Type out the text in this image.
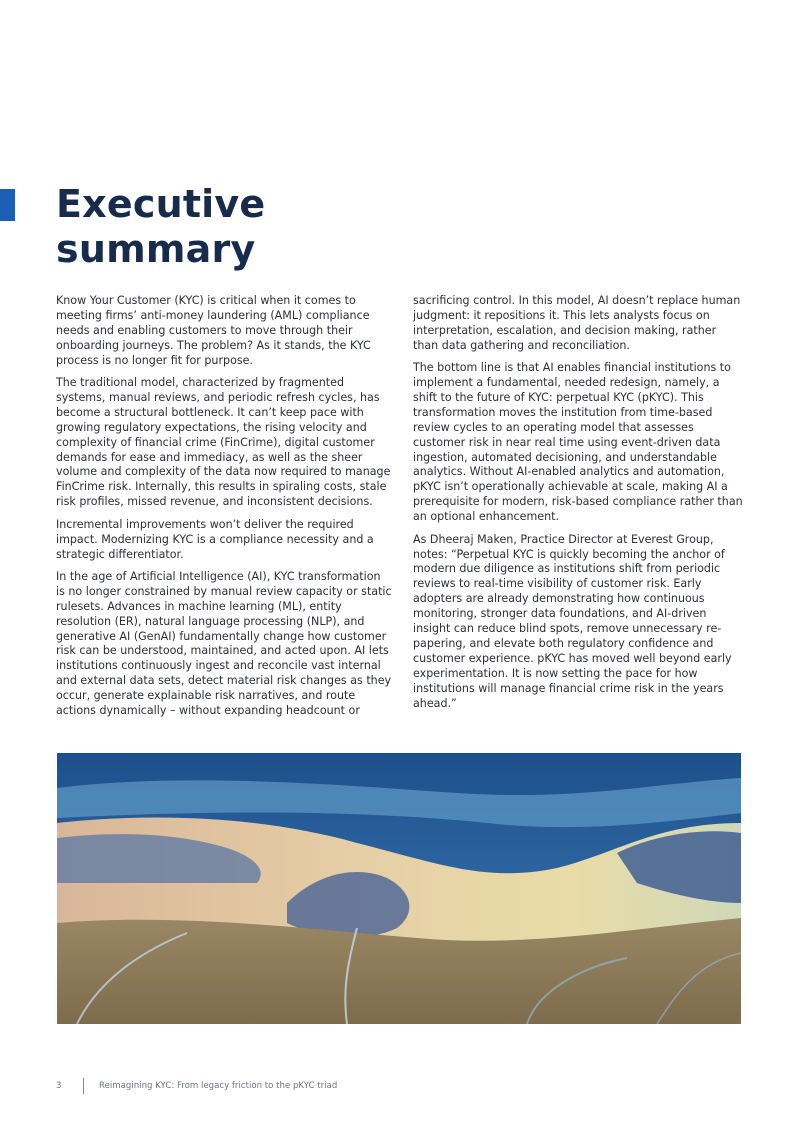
Executive
summary

Know Your Customer (KYC) is critical when it comes to meeting firms’ anti-money laundering (AML) compliance needs and enabling customers to move through their onboarding journeys. The problem? As it stands, the KYC process is no longer fit for purpose.

The traditional model, characterized by fragmented systems, manual reviews, and periodic refresh cycles, has become a structural bottleneck. It can’t keep pace with growing regulatory expectations, the rising velocity and complexity of financial crime (FinCrime), digital customer demands for ease and immediacy, as well as the sheer volume and complexity of the data now required to manage FinCrime risk. Internally, this results in spiraling costs, stale risk profiles, missed revenue, and inconsistent decisions.

Incremental improvements won’t deliver the required impact. Modernizing KYC is a compliance necessity and a strategic differentiator.

In the age of Artificial Intelligence (AI), KYC transformation is no longer constrained by manual review capacity or static rulesets. Advances in machine learning (ML), entity resolution (ER), natural language processing (NLP), and generative AI (GenAI) fundamentally change how customer risk can be understood, maintained, and acted upon. AI lets institutions continuously ingest and reconcile vast internal and external data sets, detect material risk changes as they occur, generate explainable risk narratives, and route actions dynamically – without expanding headcount or

sacrificing control. In this model, AI doesn’t replace human judgment: it repositions it. This lets analysts focus on interpretation, escalation, and decision making, rather than data gathering and reconciliation.

The bottom line is that AI enables financial institutions to implement a fundamental, needed redesign, namely, a shift to the future of KYC: perpetual KYC (pKYC). This transformation moves the institution from time-based review cycles to an operating model that assesses customer risk in near real time using event-driven data ingestion, automated decisioning, and understandable analytics. Without AI-enabled analytics and automation, pKYC isn’t operationally achievable at scale, making AI a prerequisite for modern, risk-based compliance rather than an optional enhancement.

As Dheeraj Maken, Practice Director at Everest Group, notes: “Perpetual KYC is quickly becoming the anchor of modern due diligence as institutions shift from periodic reviews to real-time visibility of customer risk. Early adopters are already demonstrating how continuous monitoring, stronger data foundations, and AI-driven insight can reduce blind spots, remove unnecessary re-papering, and elevate both regulatory confidence and customer experience. pKYC has moved well beyond early experimentation. It is now setting the pace for how institutions will manage financial crime risk in the years ahead.”

3	Reimagining KYC: From legacy friction to the pKYC triad
